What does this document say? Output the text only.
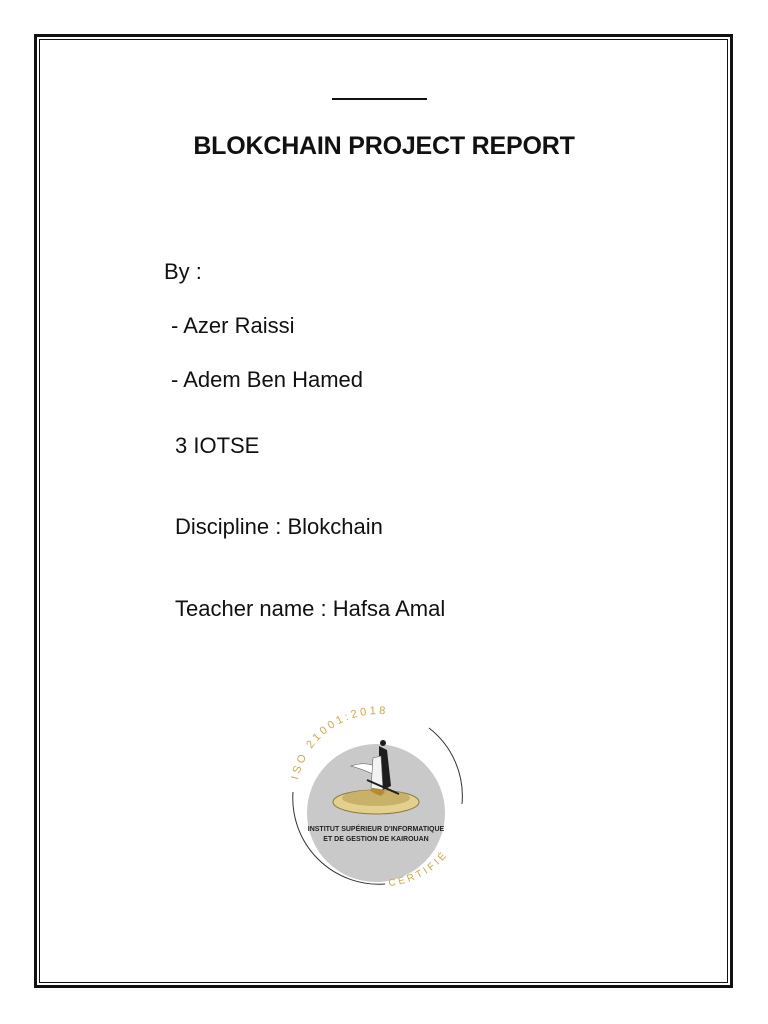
BLOKCHAIN PROJECT REPORT
By :
- Azer Raissi
- Adem Ben Hamed
3 IOTSE
Discipline : Blokchain
Teacher name : Hafsa Amal
INSTITUT SUPÉRIEUR D'INFORMATIQUE
ET DE GESTION DE KAIROUAN
ISO 21001:2018
CERTIFIÉ
